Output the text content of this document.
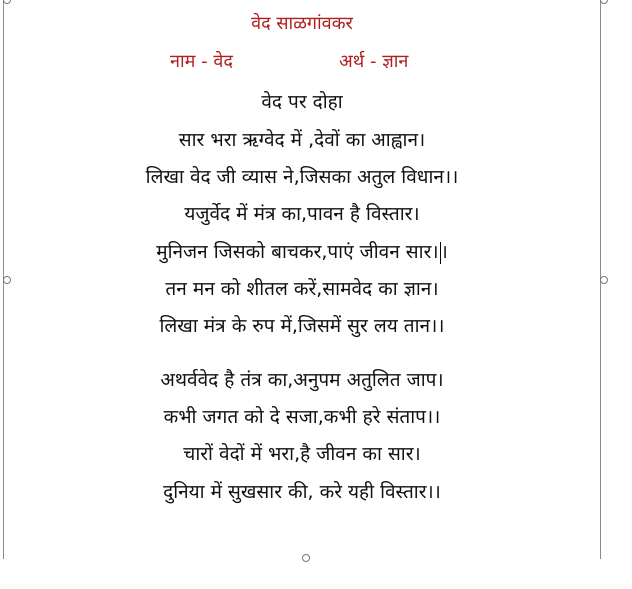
वेद साळगांवकर
नाम - वेद	अर्थ - ज्ञान
वेद पर दोहा
सार भरा ऋग्वेद में ,देवों का आह्वान।
लिखा वेद जी व्यास ने,जिसका अतुल विधान।।
यजुर्वेद में मंत्र का,पावन है विस्तार।
मुनिजन जिसको बाचकर,पाएं जीवन सार। ।
तन मन को शीतल करें,सामवेद का ज्ञान।
लिखा मंत्र के रुप में,जिसमें सुर लय तान।।
अथर्ववेद है तंत्र का,अनुपम अतुलित जाप।
कभी जगत को दे सजा,कभी हरे संताप।।
चारों वेदों में भरा,है जीवन का सार।
दुनिया में सुखसार की, करे यही विस्तार।।
